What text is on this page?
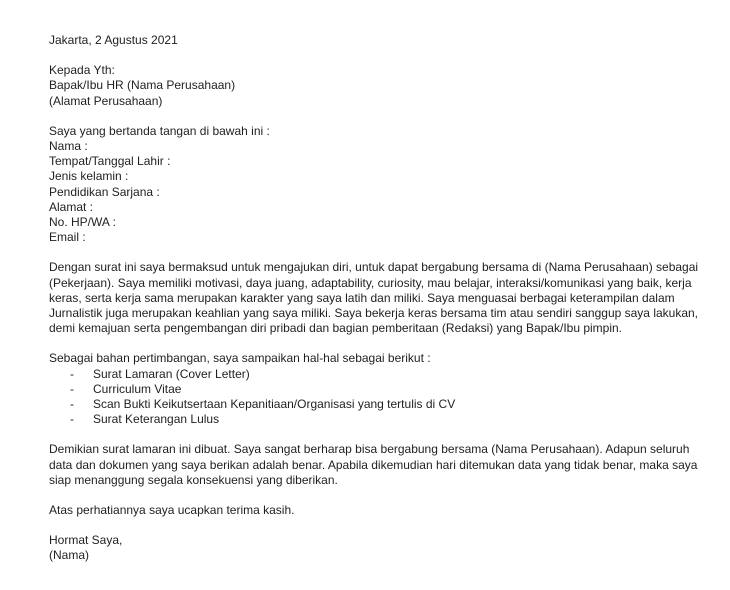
Jakarta, 2 Agustus 2021
Kepada Yth:
Bapak/Ibu HR (Nama Perusahaan)
(Alamat Perusahaan)
Saya yang bertanda tangan di bawah ini :
Nama :
Tempat/Tanggal Lahir :
Jenis kelamin :
Pendidikan Sarjana :
Alamat :
No. HP/WA :
Email :
Dengan surat ini saya bermaksud untuk mengajukan diri, untuk dapat bergabung bersama di (Nama Perusahaan) sebagai
(Pekerjaan). Saya memiliki motivasi, daya juang, adaptability, curiosity, mau belajar, interaksi/komunikasi yang baik, kerja
keras, serta kerja sama merupakan karakter yang saya latih dan miliki. Saya menguasai berbagai keterampilan dalam
Jurnalistik juga merupakan keahlian yang saya miliki. Saya bekerja keras bersama tim atau sendiri sanggup saya lakukan,
demi kemajuan serta pengembangan diri pribadi dan bagian pemberitaan (Redaksi) yang Bapak/Ibu pimpin.
Sebagai bahan pertimbangan, saya sampaikan hal-hal sebagai berikut :
-	Surat Lamaran (Cover Letter)
-	Curriculum Vitae
-	Scan Bukti Keikutsertaan Kepanitiaan/Organisasi yang tertulis di CV
-	Surat Keterangan Lulus
Demikian surat lamaran ini dibuat. Saya sangat berharap bisa bergabung bersama (Nama Perusahaan). Adapun seluruh
data dan dokumen yang saya berikan adalah benar. Apabila dikemudian hari ditemukan data yang tidak benar, maka saya
siap menanggung segala konsekuensi yang diberikan.
Atas perhatiannya saya ucapkan terima kasih.
Hormat Saya,
(Nama)
